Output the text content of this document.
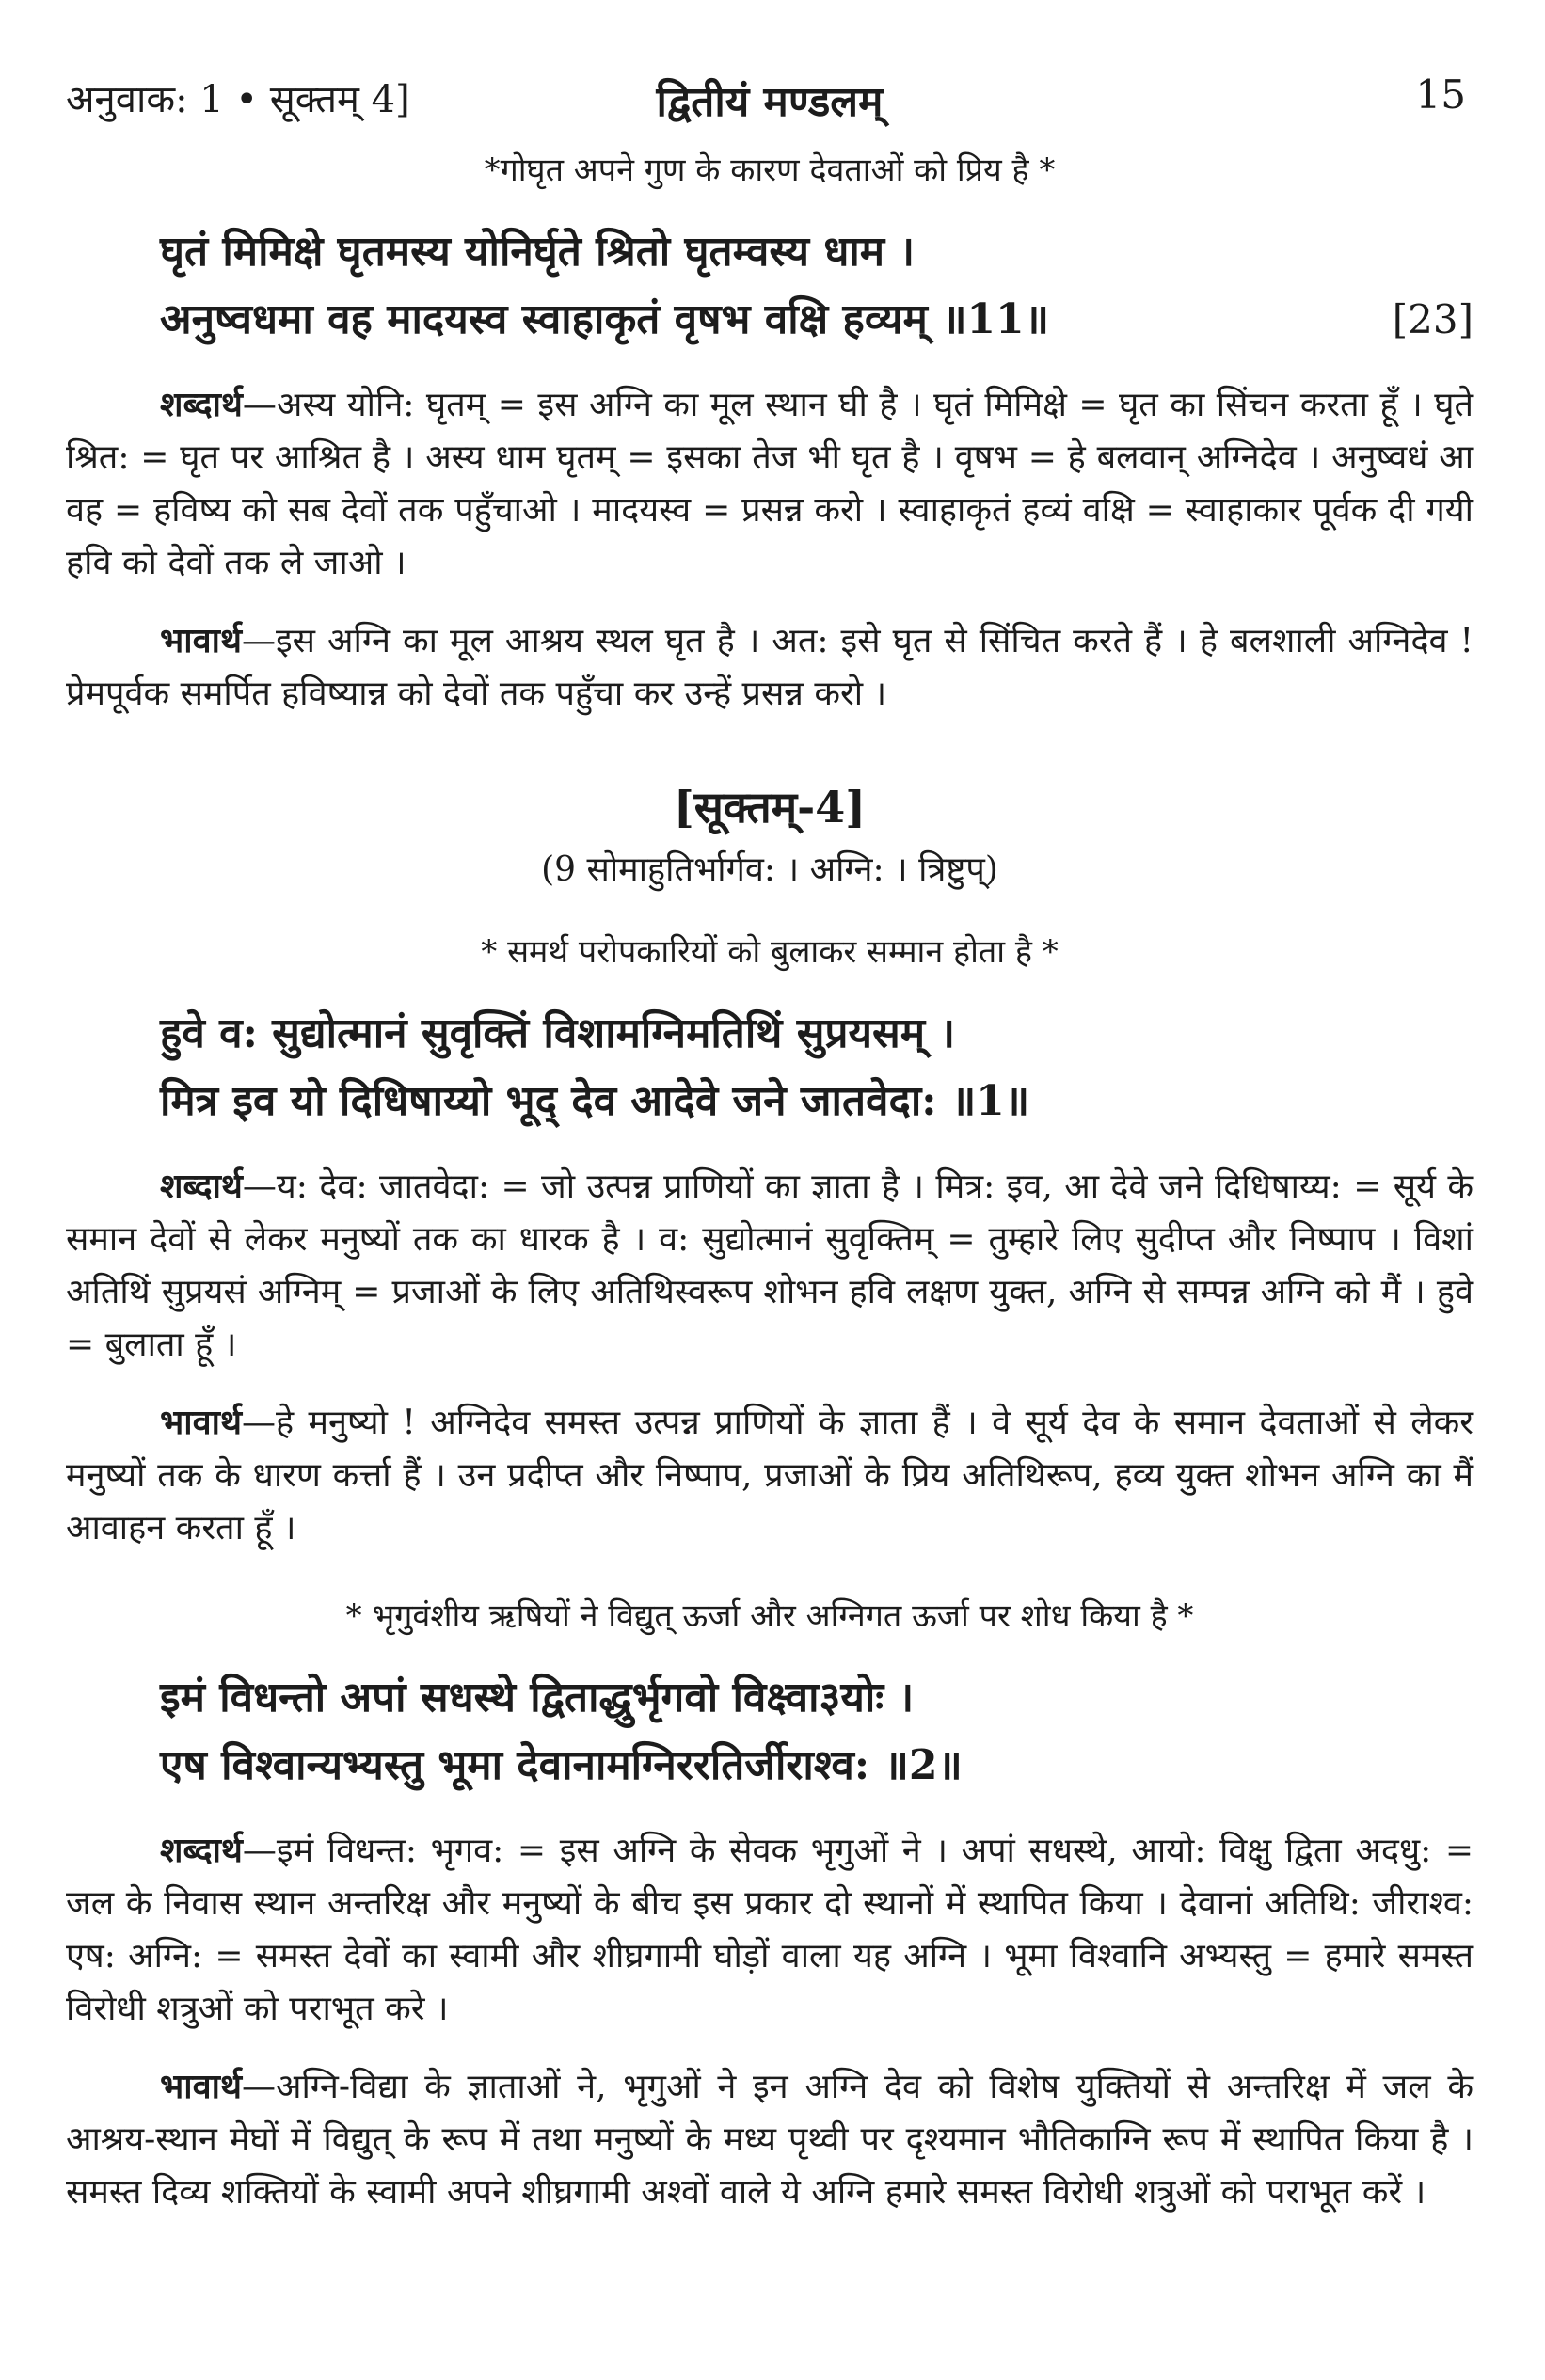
अनुवाक: 1 • सूक्तम् 4]	द्वितीयं मण्डलम्	15
*गोघृत अपने गुण के कारण देवताओं को प्रिय है *
घृतं मिमिक्षे घृतमस्य योनिर्घृते श्रितो घृतम्वस्य धाम ।
अनुष्वधमा वह मादयस्व स्वाहाकृतं वृषभ वक्षि हव्यम् ॥11॥	[23]

शब्दार्थ—अस्य योनि: घृतम् = इस अग्नि का मूल स्थान घी है । घृतं मिमिक्षे = घृत का सिंचन करता हूँ । घृते श्रित: = घृत पर आश्रित है । अस्य धाम घृतम् = इसका तेज भी घृत है । वृषभ = हे बलवान् अग्निदेव । अनुष्वधं आ वह = हविष्य को सब देवों तक पहुँचाओ । मादयस्व = प्रसन्न करो । स्वाहाकृतं हव्यं वक्षि = स्वाहाकार पूर्वक दी गयी हवि को देवों तक ले जाओ ।

भावार्थ—इस अग्नि का मूल आश्रय स्थल घृत है । अत: इसे घृत से सिंचित करते हैं । हे बलशाली अग्निदेव ! प्रेमपूर्वक समर्पित हविष्यान्न को देवों तक पहुँचा कर उन्हें प्रसन्न करो ।

[सूक्तम्-4]
(9 सोमाहुतिर्भार्गव: । अग्नि: । त्रिष्टुप्)
* समर्थ परोपकारियों को बुलाकर सम्मान होता है *
हुवे व: सुद्योत्मानं सुवृक्तिं विशामग्निमतिथिं सुप्रयसम् ।
मित्र इव यो दिधिषाय्यो भूद् देव आदेवे जने जातवेदा: ॥1॥

शब्दार्थ—य: देव: जातवेदा: = जो उत्पन्न प्राणियों का ज्ञाता है । मित्र: इव, आ देवे जने दिधिषाय्य: = सूर्य के समान देवों से लेकर मनुष्यों तक का धारक है । व: सुद्योत्मानं सुवृक्तिम् = तुम्हारे लिए सुदीप्त और निष्पाप । विशां अतिथिं सुप्रयसं अग्निम् = प्रजाओं के लिए अतिथिस्वरूप शोभन हवि लक्षण युक्त, अग्नि से सम्पन्न अग्नि को मैं । हुवे = बुलाता हूँ ।

भावार्थ—हे मनुष्यो ! अग्निदेव समस्त उत्पन्न प्राणियों के ज्ञाता हैं । वे सूर्य देव के समान देवताओं से लेकर मनुष्यों तक के धारण कर्त्ता हैं । उन प्रदीप्त और निष्पाप, प्रजाओं के प्रिय अतिथिरूप, हव्य युक्त शोभन अग्नि का मैं आवाहन करता हूँ ।

* भृगुवंशीय ऋषियों ने विद्युत् ऊर्जा और अग्निगत ऊर्जा पर शोध किया है *
इमं विधन्तो अपां सधस्थे द्विताद्धुर्भृगवो विक्ष्वा३योः ।
एष विश्वान्यभ्यस्तु भूमा देवानामग्निररतिर्जीराश्व: ॥2॥

शब्दार्थ—इमं विधन्त: भृगव: = इस अग्नि के सेवक भृगुओं ने । अपां सधस्थे, आयो: विक्षु द्विता अदधु: = जल के निवास स्थान अन्तरिक्ष और मनुष्यों के बीच इस प्रकार दो स्थानों में स्थापित किया । देवानां अतिथि: जीराश्व: एष: अग्नि: = समस्त देवों का स्वामी और शीघ्रगामी घोड़ों वाला यह अग्नि । भूमा विश्वानि अभ्यस्तु = हमारे समस्त विरोधी शत्रुओं को पराभूत करे ।

भावार्थ—अग्नि-विद्या के ज्ञाताओं ने, भृगुओं ने इन अग्नि देव को विशेष युक्तियों से अन्तरिक्ष में जल के आश्रय-स्थान मेघों में विद्युत् के रूप में तथा मनुष्यों के मध्य पृथ्वी पर दृश्यमान भौतिकाग्नि रूप में स्थापित किया है । समस्त दिव्य शक्तियों के स्वामी अपने शीघ्रगामी अश्वों वाले ये अग्नि हमारे समस्त विरोधी शत्रुओं को पराभूत करें ।
